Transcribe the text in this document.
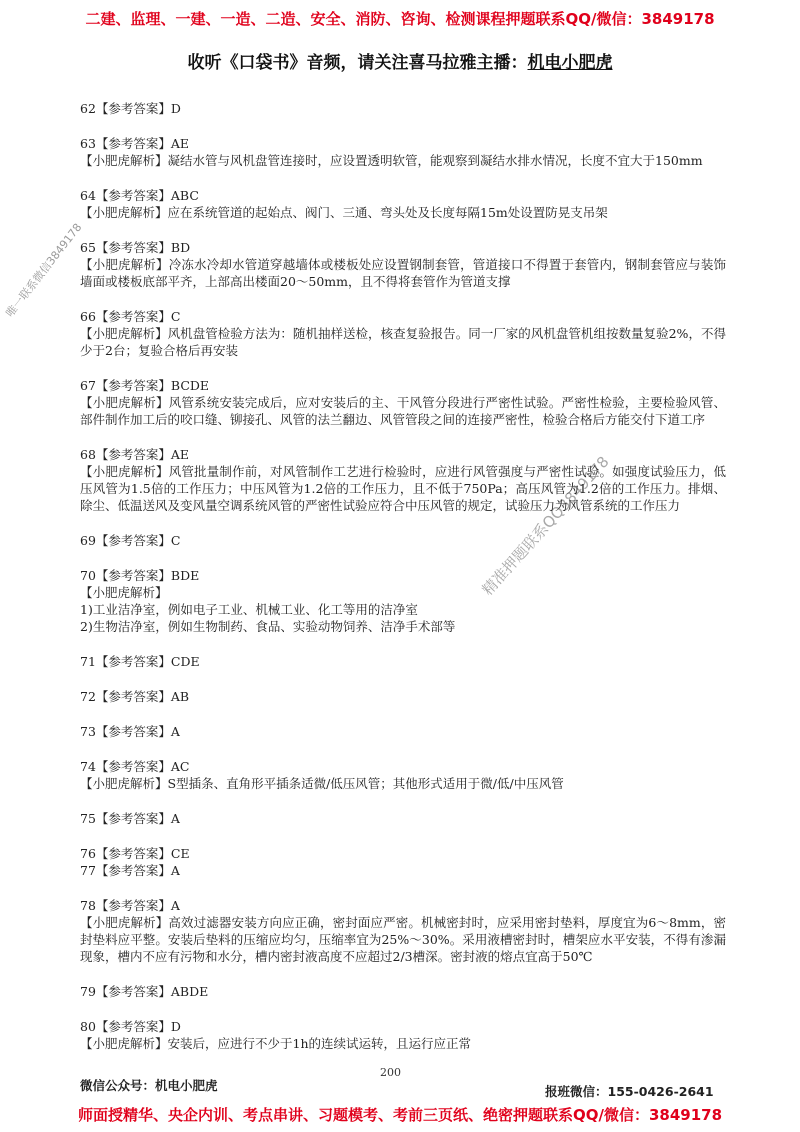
二建、监理、一建、一造、二造、安全、消防、咨询、检测课程押题联系QQ/微信：3849178
收听《口袋书》音频，请关注喜马拉雅主播：机电小肥虎
唯一联系微信3849178
精准押题联系QQ3849178

62【参考答案】D

63【参考答案】AE

【小肥虎解析】凝结水管与风机盘管连接时，应设置透明软管，能观察到凝结水排水情况，长度不宜大于150mm

64【参考答案】ABC

【小肥虎解析】应在系统管道的起始点、阀门、三通、弯头处及长度每隔15m处设置防晃支吊架

65【参考答案】BD

【小肥虎解析】冷冻水冷却水管道穿越墙体或楼板处应设置钢制套管，管道接口不得置于套管内，钢制套管应与装饰墙面或楼板底部平齐，上部高出楼面20～50mm，且不得将套管作为管道支撑

66【参考答案】C

【小肥虎解析】风机盘管检验方法为：随机抽样送检，核查复验报告。同一厂家的风机盘管机组按数量复验2%，不得少于2台；复验合格后再安装

67【参考答案】BCDE

【小肥虎解析】风管系统安装完成后，应对安装后的主、干风管分段进行严密性试验。严密性检验，主要检验风管、部件制作加工后的咬口缝、铆接孔、风管的法兰翻边、风管管段之间的连接严密性，检验合格后方能交付下道工序

68【参考答案】AE

【小肥虎解析】风管批量制作前，对风管制作工艺进行检验时，应进行风管强度与严密性试验。如强度试验压力，低压风管为1.5倍的工作压力；中压风管为1.2倍的工作压力，且不低于750Pa；高压风管为1.2倍的工作压力。排烟、除尘、低温送风及变风量空调系统风管的严密性试验应符合中压风管的规定，试验压力为风管系统的工作压力

69【参考答案】C

70【参考答案】BDE

【小肥虎解析】

1)工业洁净室，例如电子工业、机械工业、化工等用的洁净室

2)生物洁净室，例如生物制药、食品、实验动物饲养、洁净手术部等

71【参考答案】CDE

72【参考答案】AB

73【参考答案】A

74【参考答案】AC

【小肥虎解析】S型插条、直角形平插条适微/低压风管；其他形式适用于微/低/中压风管

75【参考答案】A

76【参考答案】CE

77【参考答案】A

78【参考答案】A

【小肥虎解析】高效过滤器安装方向应正确，密封面应严密。机械密封时，应采用密封垫料，厚度宜为6～8mm，密封垫料应平整。安装后垫料的压缩应均匀，压缩率宜为25%～30%。采用液槽密封时，槽架应水平安装，不得有渗漏现象，槽内不应有污物和水分，槽内密封液高度不应超过2/3槽深。密封液的熔点宜高于50℃

79【参考答案】ABDE

80【参考答案】D

【小肥虎解析】安装后，应进行不少于1h的连续试运转，且运行应正常

200
微信公众号：机电小肥虎	报班微信：155-0426-2641
师面授精华、央企内训、考点串讲、习题模考、考前三页纸、绝密押题联系QQ/微信：3849178
